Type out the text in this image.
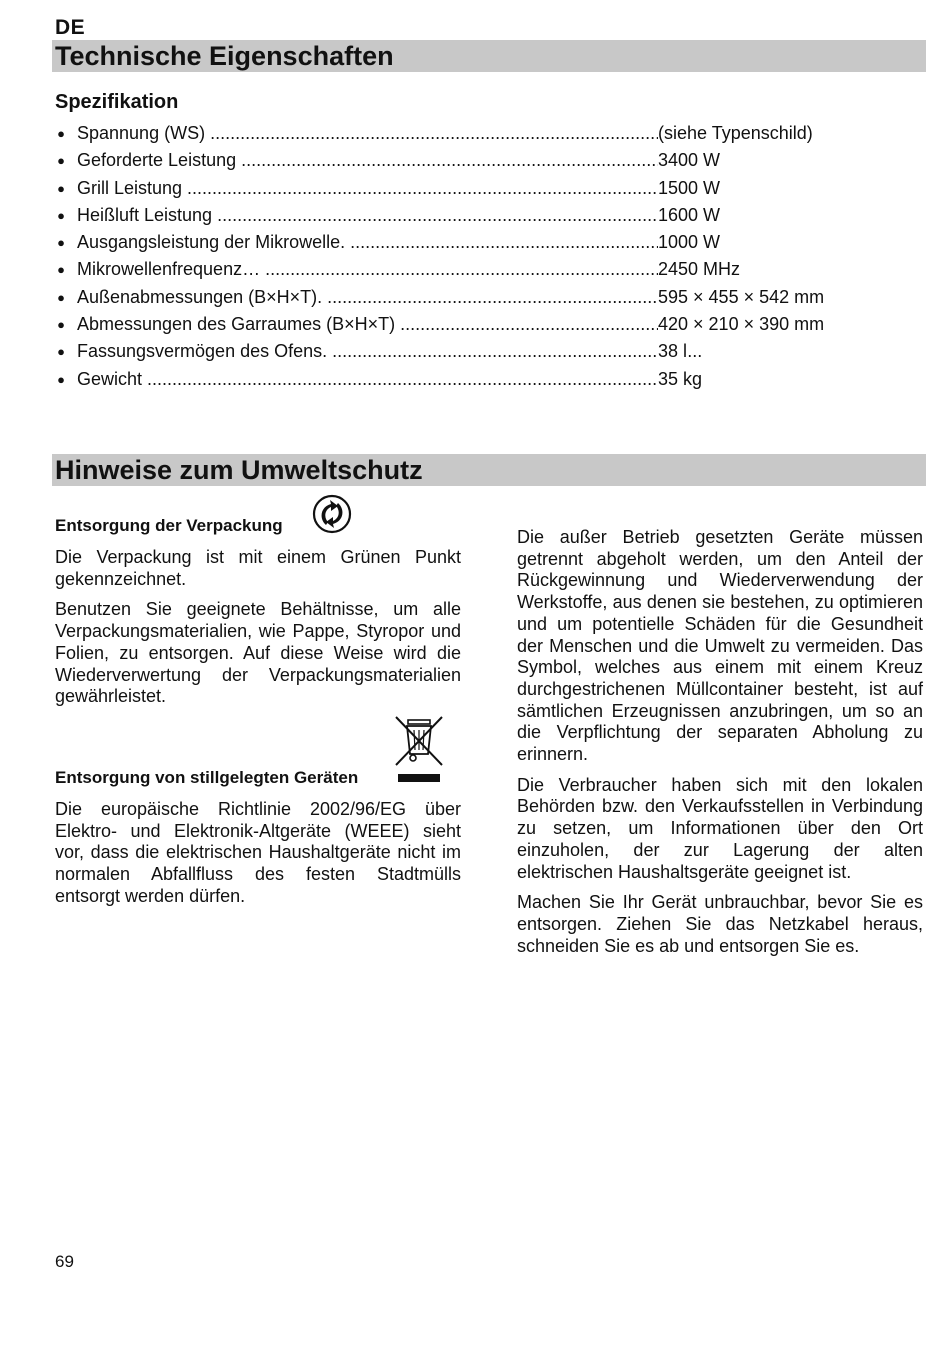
DE
Technische Eigenschaften
Spezifikation
● Spannung (WS) .....	(siehe Typenschild)
● Geforderte Leistung .....	3400 W
● Grill Leistung .....	1500 W
● Heißluft Leistung .....	1600 W
● Ausgangsleistung der Mikrowelle. .....	1000 W
● Mikrowellenfrequenz… .....	2450 MHz
● Außenabmessungen (B×H×T). .....	595 × 455 × 542 mm
● Abmessungen des Garraumes (B×H×T) .....	420 × 210 × 390 mm
● Fassungsvermögen des Ofens. .....	38 l
● Gewicht .....	35 kg
Hinweise zum Umweltschutz
Entsorgung der Verpackung

Die Verpackung ist mit einem Grünen Punkt gekennzeichnet.

Benutzen Sie geeignete Behältnisse, um alle Verpackungsmaterialien, wie Pappe, Styropor und Folien, zu entsorgen. Auf diese Weise wird die Wiederverwertung der Verpackungsmaterialien gewährleistet.

Entsorgung von stillgelegten Geräten

Die europäische Richtlinie 2002/96/EG über Elektro- und Elektronik-Altgeräte (WEEE) sieht vor, dass die elektrischen Haushaltgeräte nicht im normalen Abfallfluss des festen Stadtmülls entsorgt werden dürfen.

Die außer Betrieb gesetzten Geräte müssen getrennt abgeholt werden, um den Anteil der Rückgewinnung und Wiederverwendung der Werkstoffe, aus denen sie bestehen, zu optimieren und um potentielle Schäden für die Gesundheit der Menschen und die Umwelt zu vermeiden. Das Symbol, welches aus einem mit einem Kreuz durchgestrichenen Müllcontainer besteht, ist auf sämtlichen Erzeugnissen anzubringen, um so an die Verpflichtung der separaten Abholung zu erinnern.

Die Verbraucher haben sich mit den lokalen Behörden bzw. den Verkaufsstellen in Verbindung zu setzen, um Informationen über den Ort einzuholen, der zur Lagerung der alten elektrischen Haushaltsgeräte geeignet ist.

Machen Sie Ihr Gerät unbrauchbar, bevor Sie es entsorgen. Ziehen Sie das Netzkabel heraus, schneiden Sie es ab und entsorgen Sie es.

69
